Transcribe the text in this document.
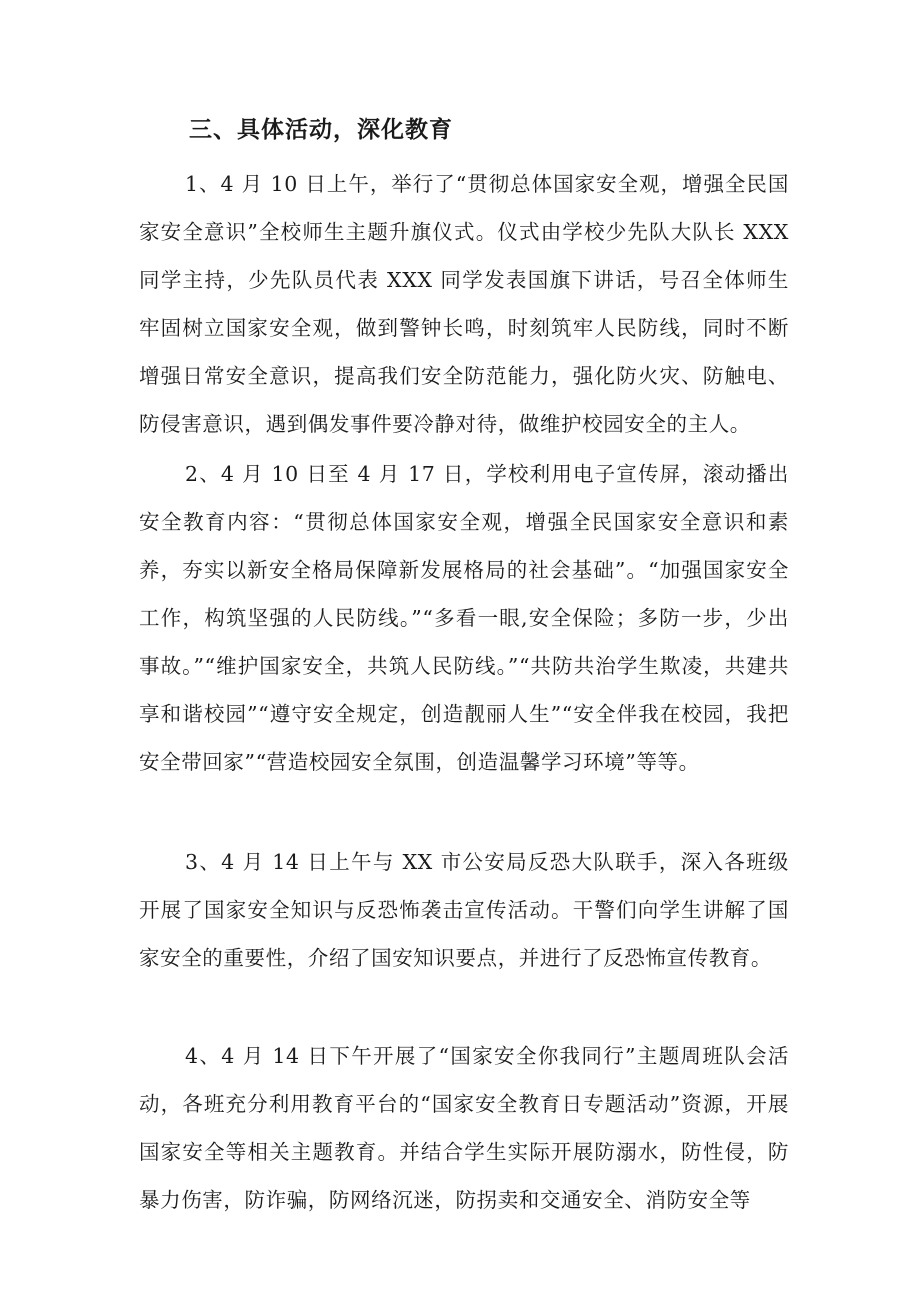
三、具体活动，深化教育

1、4 月 10 日上午，举行了“贯彻总体国家安全观，增强全民国家安全意识”全校师生主题升旗仪式。仪式由学校少先队大队长 XXX 同学主持，少先队员代表 XXX 同学发表国旗下讲话，号召全体师生牢固树立国家安全观，做到警钟长鸣，时刻筑牢人民防线，同时不断增强日常安全意识，提高我们安全防范能力，强化防火灾、防触电、防侵害意识，遇到偶发事件要冷静对待，做维护校园安全的主人。

2、4 月 10 日至 4 月 17 日，学校利用电子宣传屏，滚动播出安全教育内容：“贯彻总体国家安全观，增强全民国家安全意识和素养，夯实以新安全格局保障新发展格局的社会基础”。“加强国家安全工作，构筑坚强的人民防线。”“多看一眼,安全保险；多防一步，少出事故。”“维护国家安全，共筑人民防线。”“共防共治学生欺凌，共建共享和谐校园”“遵守安全规定，创造靓丽人生”“安全伴我在校园，我把安全带回家”“营造校园安全氛围，创造温馨学习环境”等等。

3、4 月 14 日上午与 XX 市公安局反恐大队联手，深入各班级开展了国家安全知识与反恐怖袭击宣传活动。干警们向学生讲解了国家安全的重要性，介绍了国安知识要点，并进行了反恐怖宣传教育。

4、4 月 14 日下午开展了“国家安全你我同行”主题周班队会活动，各班充分利用教育平台的“国家安全教育日专题活动”资源，开展国家安全等相关主题教育。并结合学生实际开展防溺水，防性侵，防暴力伤害，防诈骗，防网络沉迷，防拐卖和交通安全、消防安全等
